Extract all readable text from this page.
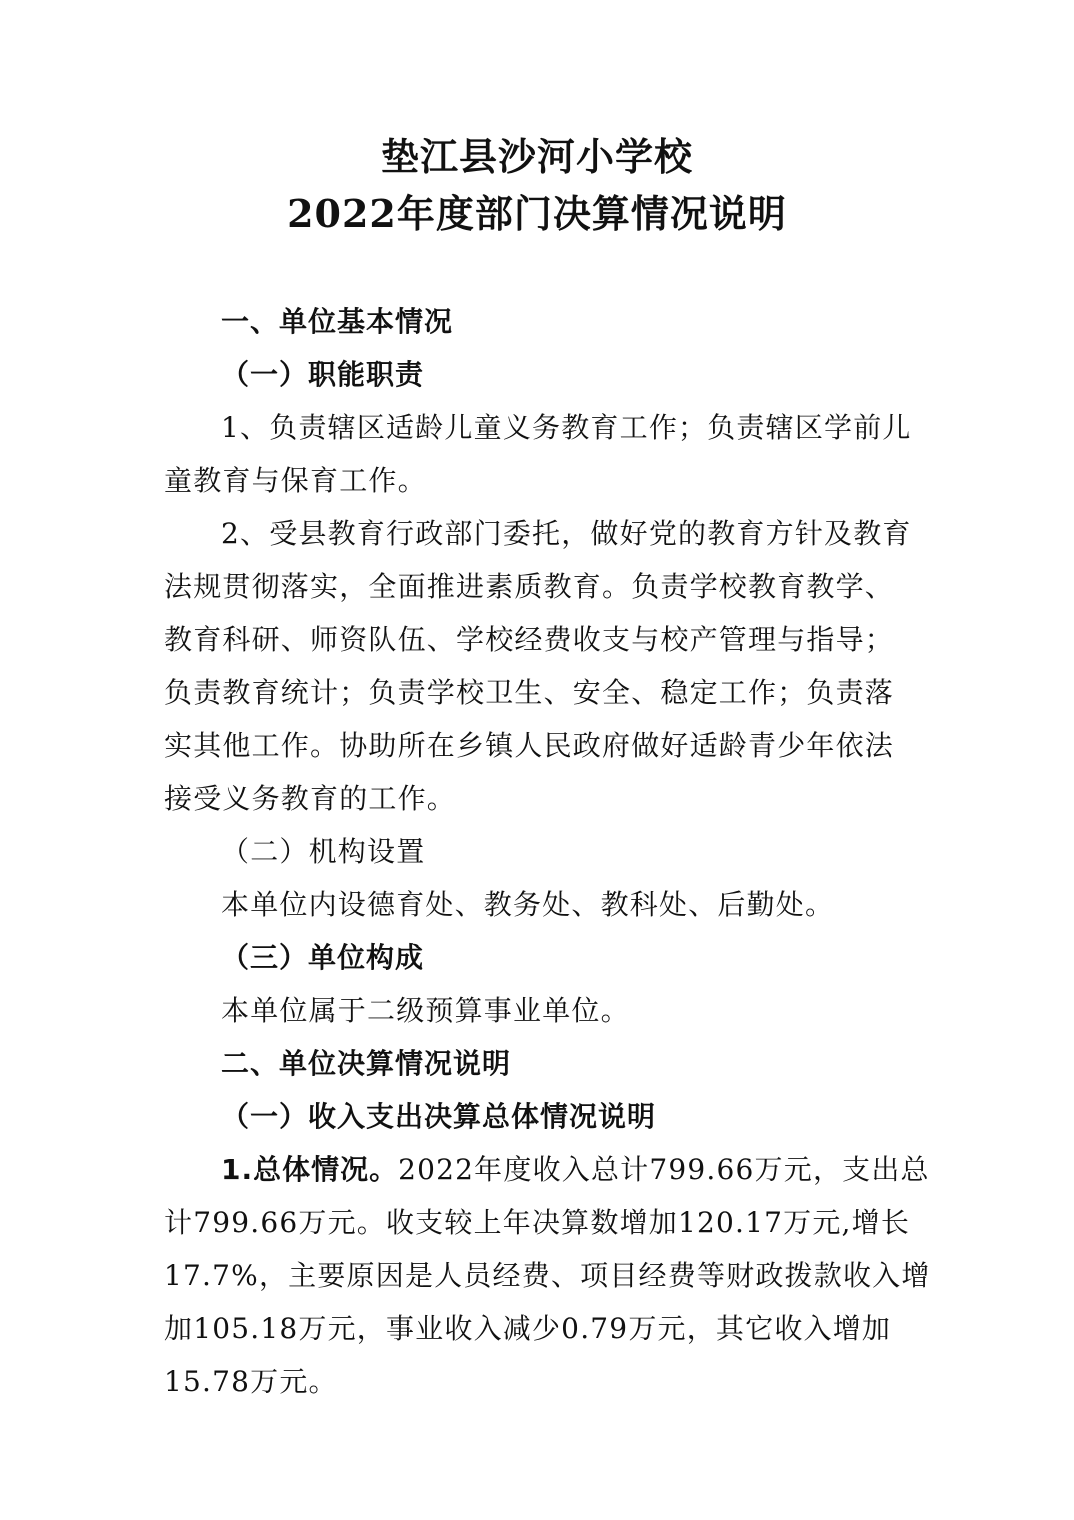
垫江县沙河小学校
2022年度部门决算情况说明
一、单位基本情况
（一）职能职责
1、负责辖区适龄儿童义务教育工作；负责辖区学前儿
童教育与保育工作。
2、受县教育行政部门委托，做好党的教育方针及教育
法规贯彻落实，全面推进素质教育。负责学校教育教学、
教育科研、师资队伍、学校经费收支与校产管理与指导；
负责教育统计；负责学校卫生、安全、稳定工作；负责落
实其他工作。协助所在乡镇人民政府做好适龄青少年依法
接受义务教育的工作。
（二）机构设置
本单位内设德育处、教务处、教科处、后勤处。
（三）单位构成
本单位属于二级预算事业单位。
二、单位决算情况说明
（一）收入支出决算总体情况说明
1.总体情况。2022年度收入总计799.66万元，支出总
计799.66万元。收支较上年决算数增加120.17万元,增长
17.7%，主要原因是人员经费、项目经费等财政拨款收入增
加105.18万元，事业收入减少0.79万元，其它收入增加
15.78万元。
